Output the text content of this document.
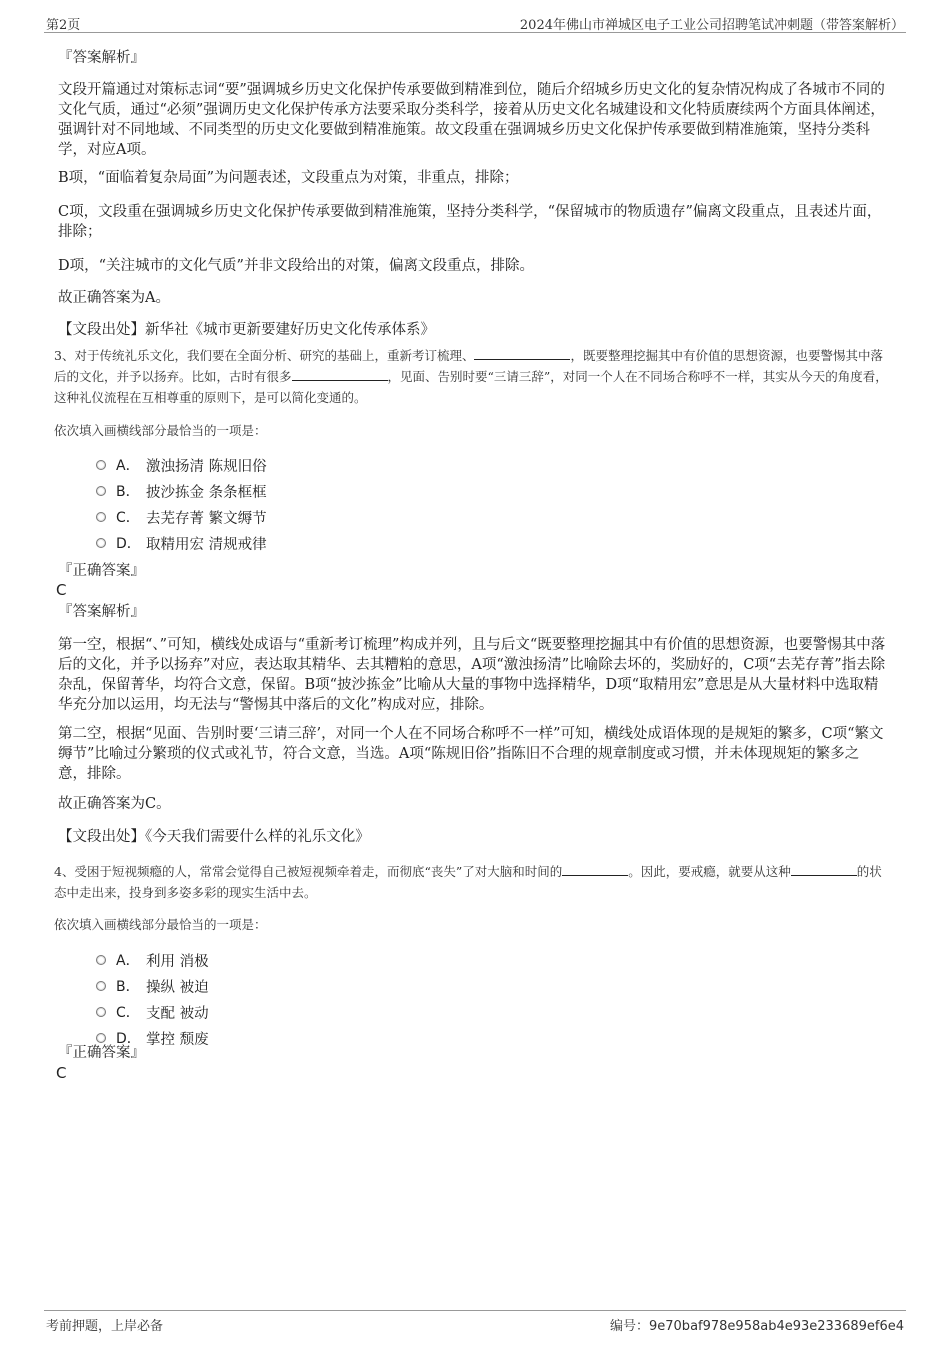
第2页	2024年佛山市禅城区电子工业公司招聘笔试冲刺题（带答案解析）
『答案解析』
文段开篇通过对策标志词“要”强调城乡历史文化保护传承要做到精准到位，随后介绍城乡历史文化的复杂情况构成了各城市不同的文化气质，通过“必须”强调历史文化保护传承方法要采取分类科学，接着从历史文化名城建设和文化特质赓续两个方面具体阐述，强调针对不同地域、不同类型的历史文化要做到精准施策。故文段重在强调城乡历史文化保护传承要做到精准施策，坚持分类科学，对应A项。
B项，“面临着复杂局面”为问题表述，文段重点为对策，非重点，排除；
C项，文段重在强调城乡历史文化保护传承要做到精准施策，坚持分类科学，“保留城市的物质遗存”偏离文段重点，且表述片面，排除；
D项，“关注城市的文化气质”并非文段给出的对策，偏离文段重点，排除。
故正确答案为A。
【文段出处】新华社《城市更新要建好历史文化传承体系》
3、对于传统礼乐文化，我们要在全面分析、研究的基础上，重新考订梳理、	，既要整理挖掘其中有价值的思想资源，也要警惕其中落后的文化，并予以扬弃。比如，古时有很多	，见面、告别时要“三请三辞”，对同一个人在不同场合称呼不一样，其实从今天的角度看，这种礼仪流程在互相尊重的原则下，是可以简化变通的。
依次填入画横线部分最恰当的一项是：
A． 激浊扬清 陈规旧俗
B． 披沙拣金 条条框框
C． 去芜存菁 繁文缛节
D． 取精用宏 清规戒律
『正确答案』
C
『答案解析』
第一空，根据“、”可知，横线处成语与“重新考订梳理”构成并列，且与后文“既要整理挖掘其中有价值的思想资源，也要警惕其中落后的文化，并予以扬弃”对应，表达取其精华、去其糟粕的意思，A项“激浊扬清”比喻除去坏的，奖励好的，C项“去芜存菁”指去除杂乱，保留菁华，均符合文意，保留。B项“披沙拣金”比喻从大量的事物中选择精华，D项“取精用宏”意思是从大量材料中选取精华充分加以运用，均无法与“警惕其中落后的文化”构成对应，排除。
第二空，根据“见面、告别时要‘三请三辞’，对同一个人在不同场合称呼不一样”可知，横线处成语体现的是规矩的繁多，C项“繁文缛节”比喻过分繁琐的仪式或礼节，符合文意，当选。A项“陈规旧俗”指陈旧不合理的规章制度或习惯，并未体现规矩的繁多之意，排除。
故正确答案为C。
【文段出处】《今天我们需要什么样的礼乐文化》
4、受困于短视频瘾的人，常常会觉得自己被短视频牵着走，而彻底“丧失”了对大脑和时间的	。因此，要戒瘾，就要从这种	的状态中走出来，投身到多姿多彩的现实生活中去。
依次填入画横线部分最恰当的一项是：
A． 利用 消极
B． 操纵 被迫
C． 支配 被动
D． 掌控 颓废
『正确答案』
C
考前押题，上岸必备	编号：9e70baf978e958ab4e93e233689ef6e4
